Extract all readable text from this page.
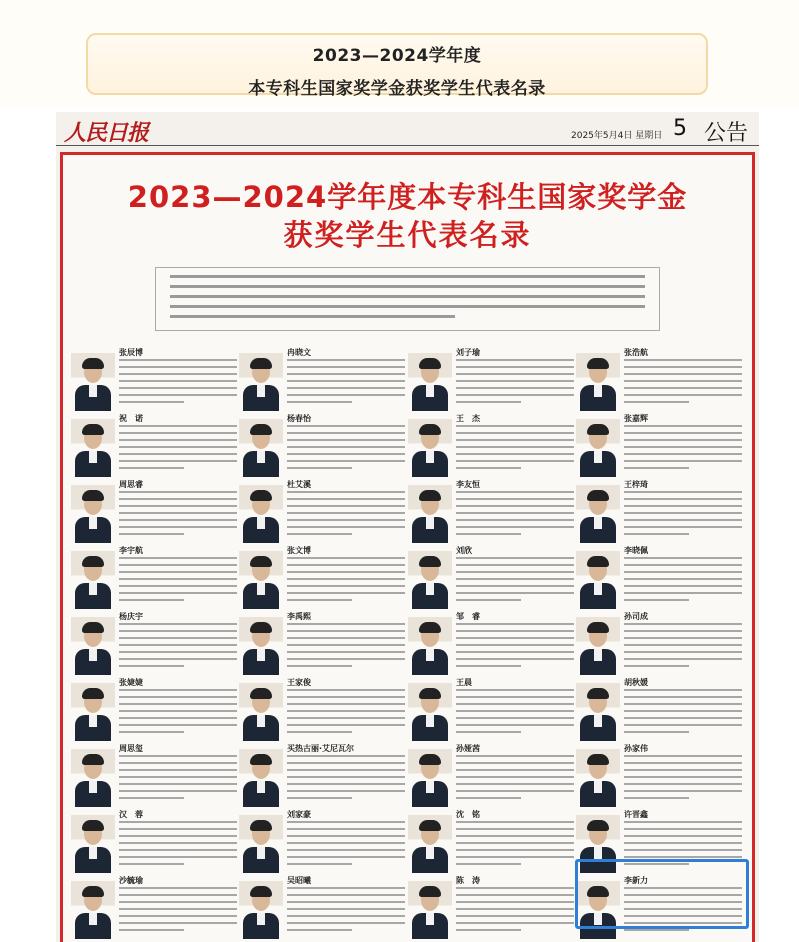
2023—2024学年度
本专科生国家奖学金获奖学生代表名录
人民日报	2025年5月4日 星期日 5 公告
2023—2024学年度本专科生国家奖学金
获奖学生代表名录
张辰博	冉晓文	刘子瑜	张浩航
祝　诺	杨春怡	王　杰	张嘉辉
周思睿	杜艾溪	李友恒	王梓琦
李宇航	张文博	刘欣	李晓佩
杨庆宇	李禹熙	邹　睿	孙司成
张婕婕	王家俊	王晨	胡秋媛
周思玺	买热古丽·艾尼瓦尔	孙娅茜	孙家伟
汉　蓉	刘家豪	沈　铭	许晋鑫
沙毓瑜	吴昭曦	陈　涛	李新力
